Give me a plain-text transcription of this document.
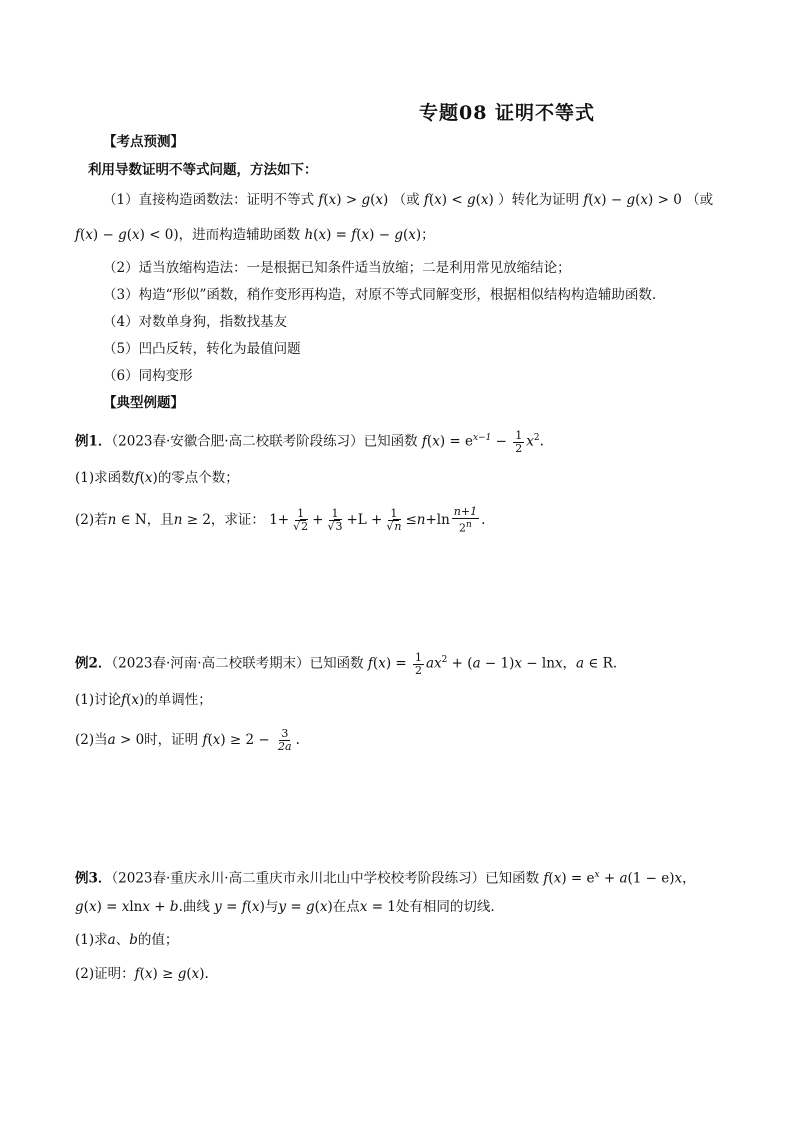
专题08 证明不等式
【考点预测】
利用导数证明不等式问题，方法如下：
（1）直接构造函数法：证明不等式 f(x) > g(x) （或 f(x) < g(x) ）转化为证明 f(x) − g(x) > 0 （或
f(x) − g(x) < 0)，进而构造辅助函数 h(x) = f(x) − g(x)；
（2）适当放缩构造法：一是根据已知条件适当放缩；二是利用常见放缩结论；
（3）构造“形似”函数，稍作变形再构造，对原不等式同解变形，根据相似结构构造辅助函数.
（4）对数单身狗，指数找基友
（5）凹凸反转，转化为最值问题
（6）同构变形
【典型例题】
例1．（2023春·安徽合肥·高二校联考阶段练习）已知函数 $f(x) = e^{x-1} - \frac{1}{2} x^2$.
(1)求函数f(x)的零点个数；
(2)若n ∈ N，且n ≥ 2，求证： $1+ \frac{1}{√2} + \frac{1}{√3} +L + \frac{1}{√n} \le n+\ln \frac{n+1}{2^n}$ .
例2．（2023春·河南·高二校联考期末）已知函数 $f(x) = \frac{1}{2} ax^2 + (a - 1)x - \ln x$，a ∈ R.
(1)讨论f(x)的单调性；
(2)当a > 0时，证明 $f(x) \ge 2 - \frac{3}{2a}$ .
例3．（2023春·重庆永川·高二重庆市永川北山中学校校考阶段练习）已知函数 $f(x) = e^x + a(1 - e)x$，
g(x) = xlnx + b.曲线 y = f(x)与y = g(x)在点x = 1处有相同的切线.
(1)求a、b的值；
(2)证明：f(x) ≥ g(x).
